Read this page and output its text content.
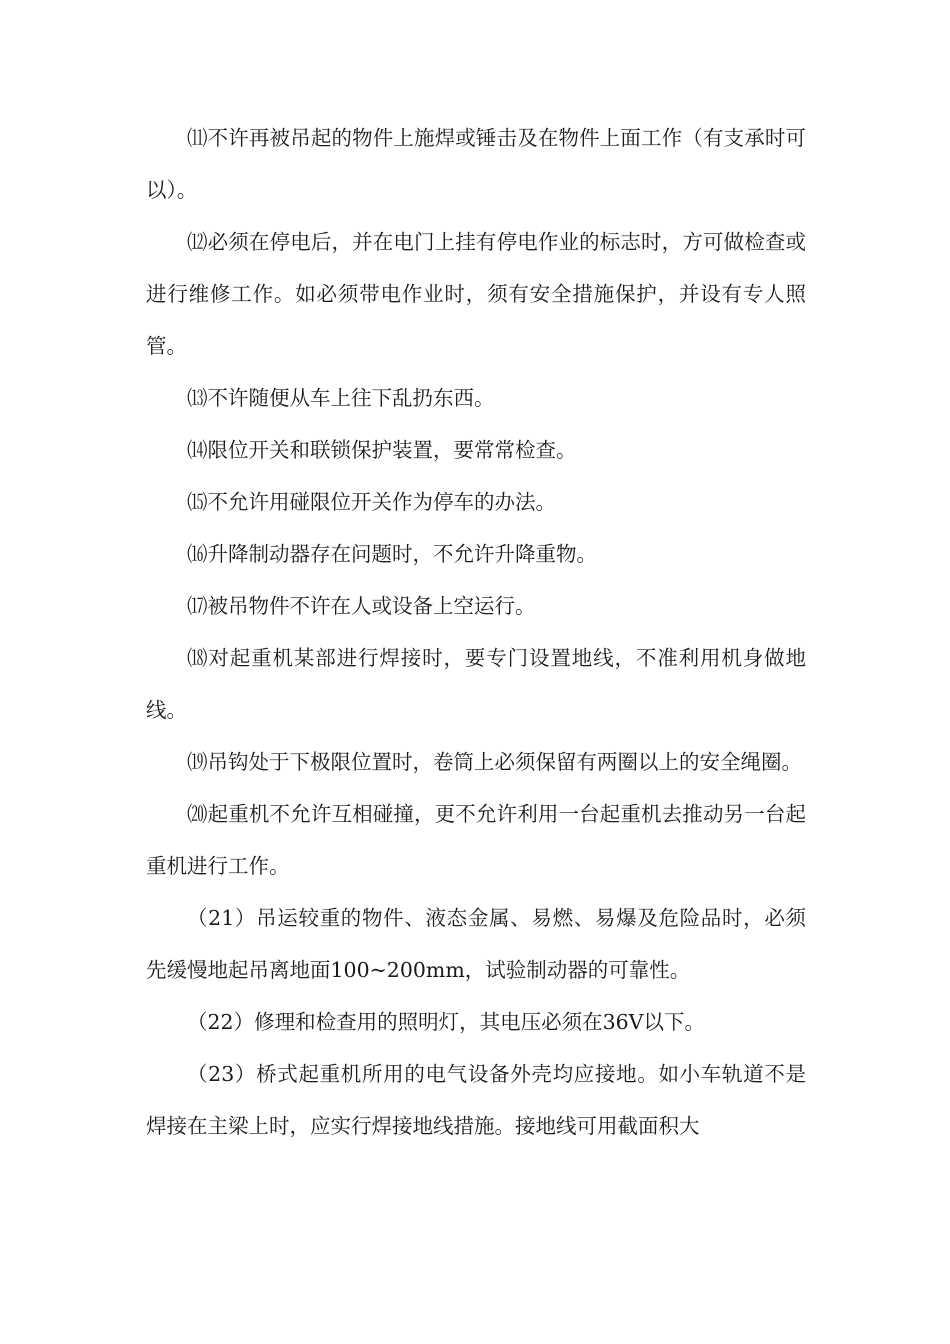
⑾不许再被吊起的物件上施焊或锤击及在物件上面工作（有支承时可以）。

⑿必须在停电后，并在电门上挂有停电作业的标志时，方可做检查或进行维修工作。如必须带电作业时，须有安全措施保护，并设有专人照管。

⒀不许随便从车上往下乱扔东西。

⒁限位开关和联锁保护装置，要常常检查。

⒂不允许用碰限位开关作为停车的办法。

⒃升降制动器存在问题时，不允许升降重物。

⒄被吊物件不许在人或设备上空运行。

⒅对起重机某部进行焊接时，要专门设置地线，不准利用机身做地线。

⒆吊钩处于下极限位置时，卷筒上必须保留有两圈以上的安全绳圈。

⒇起重机不允许互相碰撞，更不允许利用一台起重机去推动另一台起重机进行工作。

（21）吊运较重的物件、液态金属、易燃、易爆及危险品时，必须先缓慢地起吊离地面100~200mm，试验制动器的可靠性。

（22）修理和检查用的照明灯，其电压必须在36V以下。

（23）桥式起重机所用的电气设备外壳均应接地。如小车轨道不是焊接在主梁上时，应实行焊接地线措施。接地线可用截面积大
